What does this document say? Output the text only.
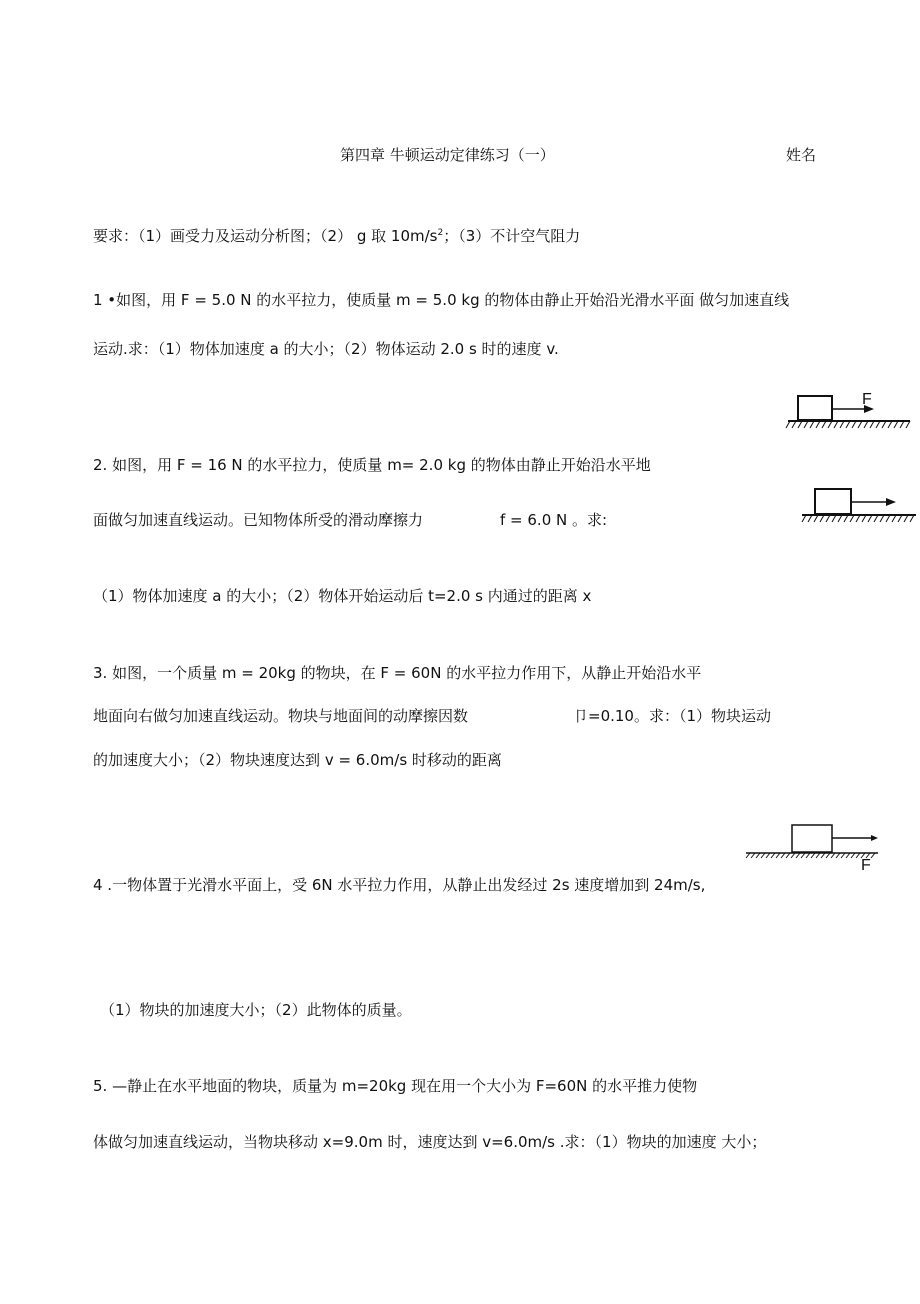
第四章 牛顿运动定律练习（一）	姓名
要求：（1）画受力及运动分析图；（2） g 取 $10m/s^2$；（3）不计空气阻力
1 •如图，用 F = 5.0 N 的水平拉力，使质量 m = 5.0 kg 的物体由静止开始沿光滑水平面 做匀加速直线
运动.求：（1）物体加速度 a 的大小；（2）物体运动 2.0 s 时的速度 v.
F
2. 如图，用 F = 16 N 的水平拉力，使质量 m= 2.0 kg 的物体由静止开始沿水平地
面做匀加速直线运动。已知物体所受的滑动摩擦力	f = 6.0 N 。求:
（1）物体加速度 a 的大小；（2）物体开始运动后 t=2.0 s 内通过的距离 x
3. 如图，一个质量 m = 20kg 的物块，在 F = 60N 的水平拉力作用下，从静止开始沿水平
地面向右做匀加速直线运动。物块与地面间的动摩擦因数	卩=0.10。求：（1）物块运动
的加速度大小；（2）物块速度达到 v = 6.0m/s 时移动的距离
F
4 .一物体置于光滑水平面上，受 6N 水平拉力作用，从静止出发经过 2s 速度增加到 24m/s,
（1）物块的加速度大小；（2）此物体的质量。
5. —静止在水平地面的物块，质量为 m=20kg 现在用一个大小为 F=60N 的水平推力使物
体做匀加速直线运动，当物块移动 x=9.0m 时，速度达到 v=6.0m/s .求：（1）物块的加速度 大小；
